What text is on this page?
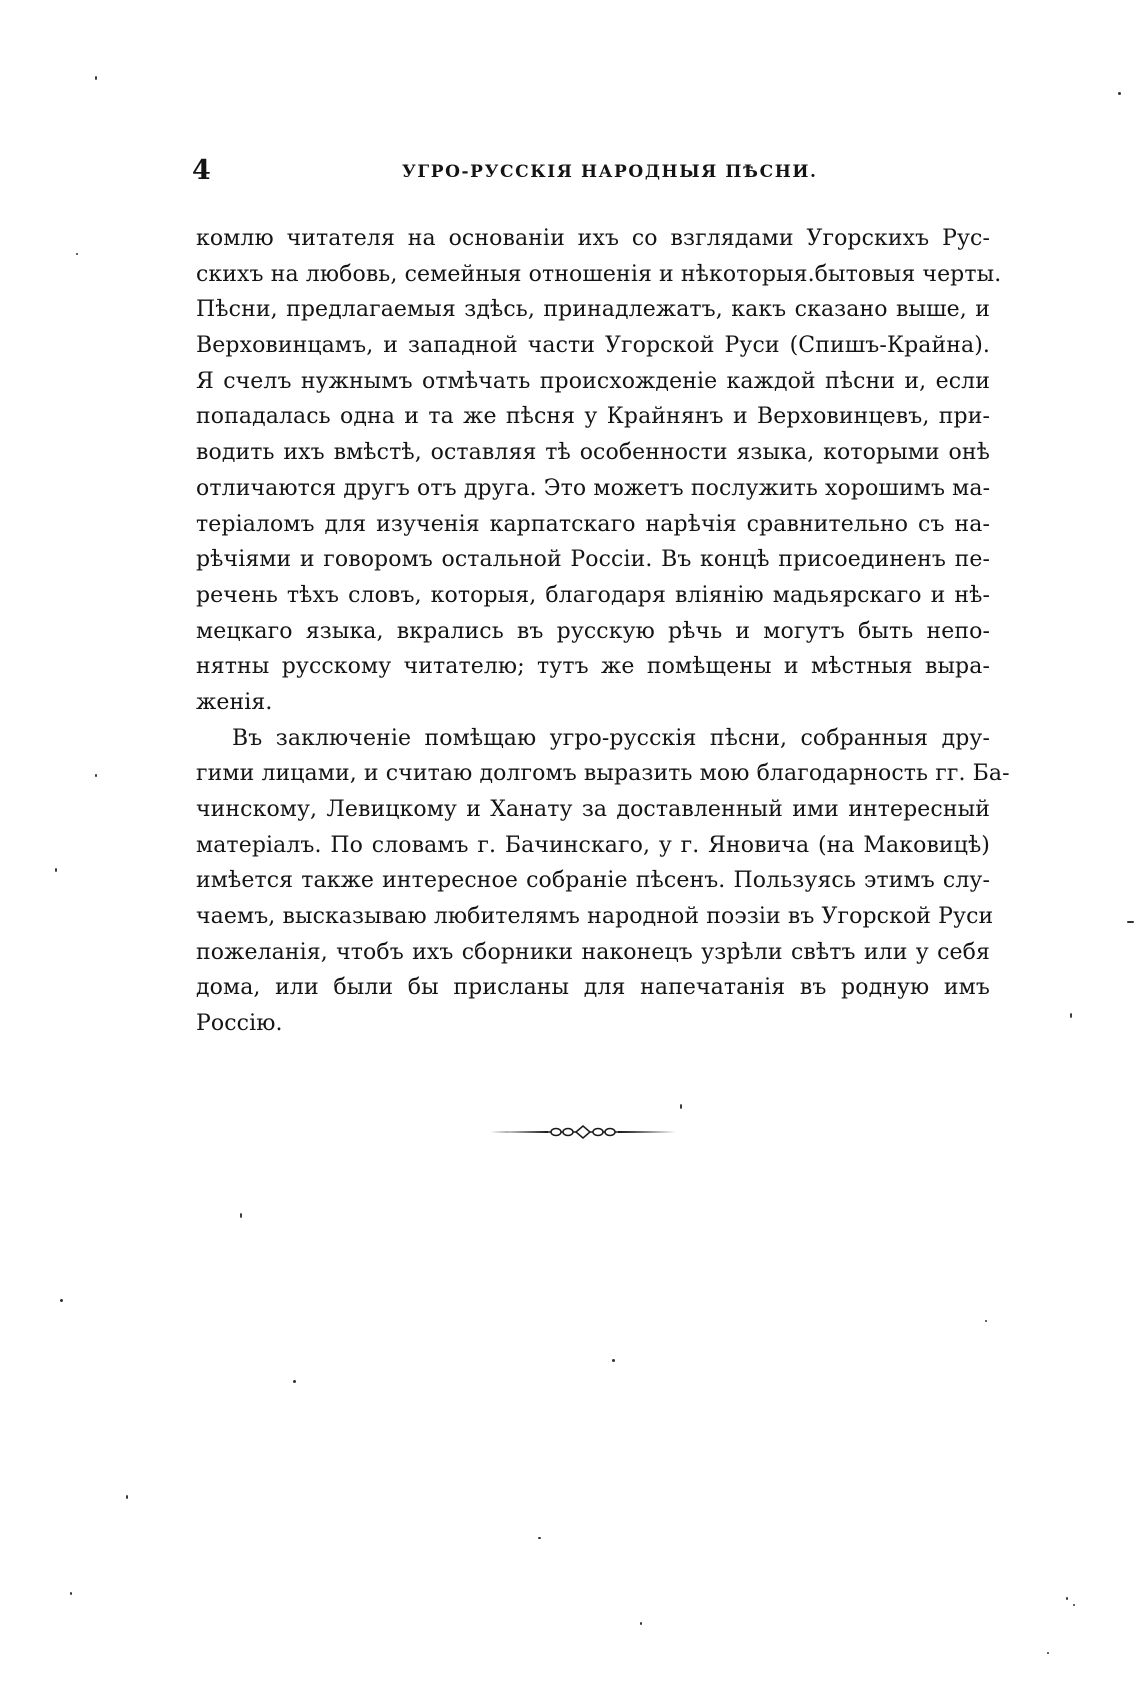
4	УГРО-РУССКІЯ НАРОДНЫЯ ПѢСНИ.
комлю читателя на основаніи ихъ со взглядами Угорскихъ Рус-
скихъ на любовь, семейныя отношенія и нѣкоторыя.бытовыя черты.
Пѣсни, предлагаемыя здѣсь, принадлежатъ, какъ сказано выше, и
Верховинцамъ, и западной части Угорской Руси (Спишъ-Крайна).
Я счелъ нужнымъ отмѣчать происхожденіе каждой пѣсни и, если
попадалась одна и та же пѣсня у Крайнянъ и Верховинцевъ, при-
водить ихъ вмѣстѣ, оставляя тѣ особенности языка, которыми онѣ
отличаются другъ отъ друга. Это можетъ послужить хорошимъ ма-
теріаломъ для изученія карпатскаго нарѣчія сравнительно съ на-
рѣчіями и говоромъ остальной Россіи. Въ концѣ присоединенъ пе-
речень тѣхъ словъ, которыя, благодаря вліянію мадьярскаго и нѣ-
мецкаго языка, вкрались въ русскую рѣчь и могутъ быть непо-
нятны русскому читателю; тутъ же помѣщены и мѣстныя выра-
женія.
Въ заключеніе помѣщаю угро-русскія пѣсни, собранныя дру-
гими лицами, и считаю долгомъ выразить мою благодарность гг. Ба-
чинскому, Левицкому и Ханату за доставленный ими интересный
матеріалъ. По словамъ г. Бачинскаго, у г. Яновича (на Маковицѣ)
имѣется также интересное собраніе пѣсенъ. Пользуясь этимъ слу-
чаемъ, высказываю любителямъ народной поэзіи въ Угорской Руси
пожеланія, чтобъ ихъ сборники наконецъ узрѣли свѣтъ или у себя
дома, или были бы присланы для напечатанія въ родную имъ
Россію.
